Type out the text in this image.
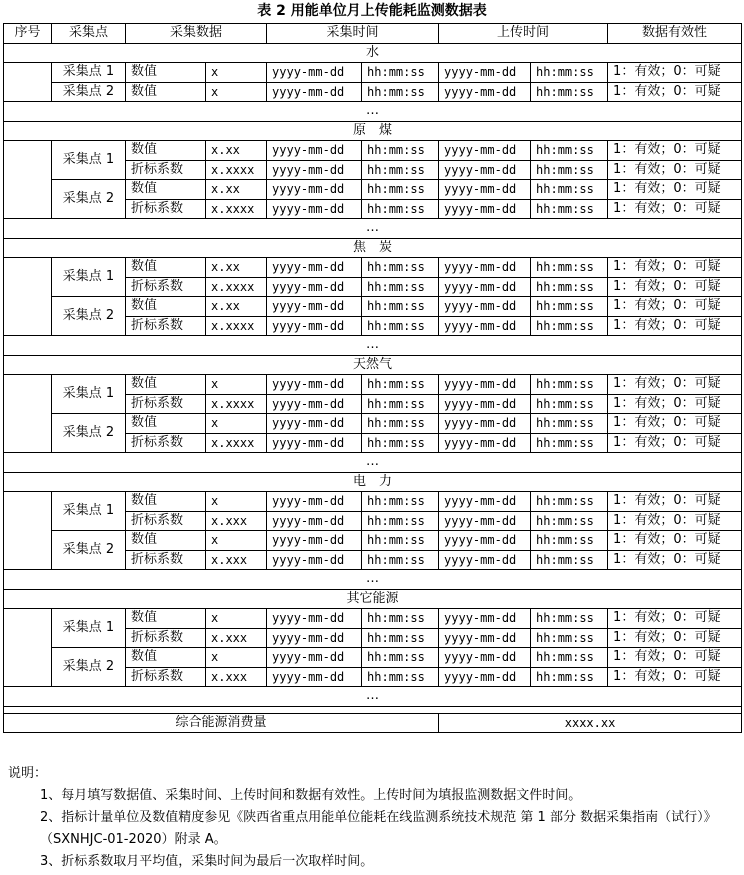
表 2 用能单位月上传能耗监测数据表
序号	采集点	采集数据		采集时间		上传时间		数据有效性
水								
	采集点 1	数值	x	yyyy-mm-dd	hh:mm:ss	yyyy-mm-dd	hh:mm:ss	1：有效；0：可疑
	采集点 2	数值	x	yyyy-mm-dd	hh:mm:ss	yyyy-mm-dd	hh:mm:ss	1：有效；0：可疑
…								
原　煤								
	采集点 1	数值	x.xx	yyyy-mm-dd	hh:mm:ss	yyyy-mm-dd	hh:mm:ss	1：有效；0：可疑
		折标系数	x.xxxx	yyyy-mm-dd	hh:mm:ss	yyyy-mm-dd	hh:mm:ss	1：有效；0：可疑
	采集点 2	数值	x.xx	yyyy-mm-dd	hh:mm:ss	yyyy-mm-dd	hh:mm:ss	1：有效；0：可疑
		折标系数	x.xxxx	yyyy-mm-dd	hh:mm:ss	yyyy-mm-dd	hh:mm:ss	1：有效；0：可疑
…								
焦　炭								
	采集点 1	数值	x.xx	yyyy-mm-dd	hh:mm:ss	yyyy-mm-dd	hh:mm:ss	1：有效；0：可疑
		折标系数	x.xxxx	yyyy-mm-dd	hh:mm:ss	yyyy-mm-dd	hh:mm:ss	1：有效；0：可疑
	采集点 2	数值	x.xx	yyyy-mm-dd	hh:mm:ss	yyyy-mm-dd	hh:mm:ss	1：有效；0：可疑
		折标系数	x.xxxx	yyyy-mm-dd	hh:mm:ss	yyyy-mm-dd	hh:mm:ss	1：有效；0：可疑
…								
天然气								
	采集点 1	数值	x	yyyy-mm-dd	hh:mm:ss	yyyy-mm-dd	hh:mm:ss	1：有效；0：可疑
		折标系数	x.xxxx	yyyy-mm-dd	hh:mm:ss	yyyy-mm-dd	hh:mm:ss	1：有效；0：可疑
	采集点 2	数值	x	yyyy-mm-dd	hh:mm:ss	yyyy-mm-dd	hh:mm:ss	1：有效；0：可疑
		折标系数	x.xxxx	yyyy-mm-dd	hh:mm:ss	yyyy-mm-dd	hh:mm:ss	1：有效；0：可疑
…								
电　力								
	采集点 1	数值	x	yyyy-mm-dd	hh:mm:ss	yyyy-mm-dd	hh:mm:ss	1：有效；0：可疑
		折标系数	x.xxx	yyyy-mm-dd	hh:mm:ss	yyyy-mm-dd	hh:mm:ss	1：有效；0：可疑
	采集点 2	数值	x	yyyy-mm-dd	hh:mm:ss	yyyy-mm-dd	hh:mm:ss	1：有效；0：可疑
		折标系数	x.xxx	yyyy-mm-dd	hh:mm:ss	yyyy-mm-dd	hh:mm:ss	1：有效；0：可疑
…								
其它能源								
	采集点 1	数值	x	yyyy-mm-dd	hh:mm:ss	yyyy-mm-dd	hh:mm:ss	1：有效；0：可疑
		折标系数	x.xxx	yyyy-mm-dd	hh:mm:ss	yyyy-mm-dd	hh:mm:ss	1：有效；0：可疑
	采集点 2	数值	x	yyyy-mm-dd	hh:mm:ss	yyyy-mm-dd	hh:mm:ss	1：有效；0：可疑
		折标系数	x.xxx	yyyy-mm-dd	hh:mm:ss	yyyy-mm-dd	hh:mm:ss	1：有效；0：可疑
…								

综合能源消费量						xxxx.xx		
说明：
1、每月填写数据值、采集时间、上传时间和数据有效性。上传时间为填报监测数据文件时间。
2、指标计量单位及数值精度参见《陕西省重点用能单位能耗在线监测系统技术规范 第 1 部分 数据采集指南（试行）》（SXNHJC-01-2020）附录 A。
3、折标系数取月平均值，采集时间为最后一次取样时间。
